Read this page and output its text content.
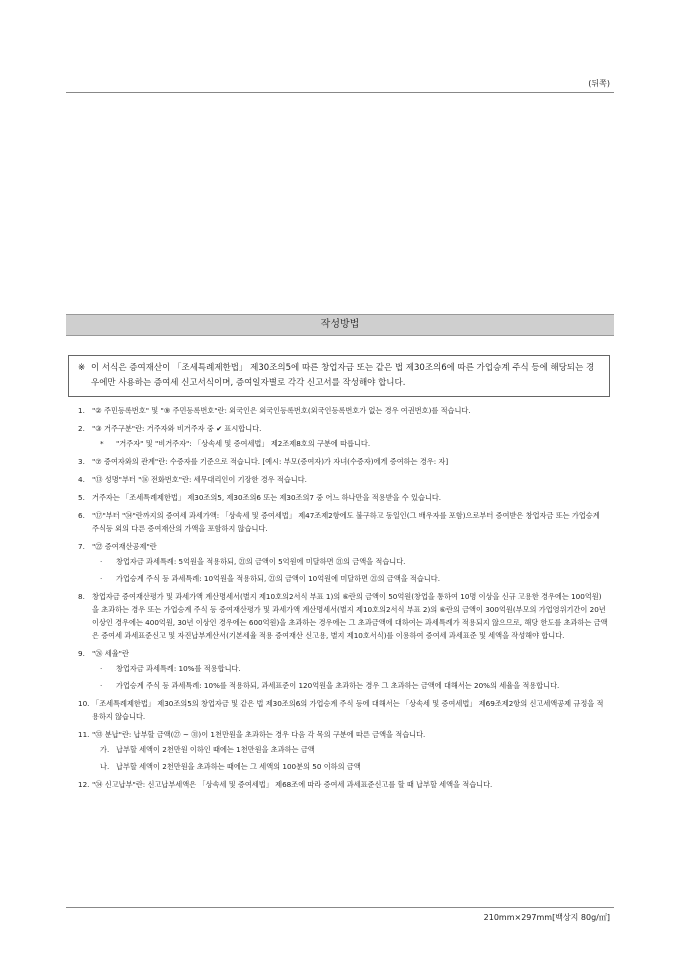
(뒤쪽)
작성방법
※ 이 서식은 증여재산이 「조세특례제한법」 제30조의5에 따른 창업자금 또는 같은 법 제30조의6에 따른 가업승계 주식 등에 해당되는 경우에만 사용하는 증여세 신고서식이며, 증여일자별로 각각 신고서를 작성해야 합니다.
1. "② 주민등록번호" 및 "⑨ 주민등록번호"란: 외국인은 외국인등록번호(외국인등록번호가 없는 경우 여권번호)를 적습니다.
2. "③ 거주구분"란: 거주자와 비거주자 중 ✔ 표시합니다.
* "거주자" 및 "비거주자": 「상속세 및 증여세법」 제2조제8호의 구분에 따릅니다.
3. "⑦ 증여자와의 관계"란: 수증자를 기준으로 적습니다. [예시: 부모(증여자)가 자녀(수증자)에게 증여하는 경우: 자]
4. "⑬ 성명"부터 "⑯ 전화번호"란: 세무대리인이 기장한 경우 적습니다.
5. 거주자는 「조세특례제한법」 제30조의5, 제30조의6 또는 제30조의7 중 어느 하나만을 적용받을 수 있습니다.
6. "⑰"부터 "㉞"란까지의 증여세 과세가액: 「상속세 및 증여세법」 제47조제2항에도 불구하고 동일인(그 배우자를 포함)으로부터 증여받은 창업자금 또는 가업승계 주식등 외의 다른 증여재산의 가액을 포함하지 않습니다.
7. "㉒ 증여재산공제"란
· 창업자금 과세특례: 5억원을 적용하되, ㉑의 금액이 5억원에 미달하면 ㉑의 금액을 적습니다.
· 가업승계 주식 등 과세특례: 10억원을 적용하되, ㉑의 금액이 10억원에 미달하면 ㉑의 금액을 적습니다.
8. 창업자금 증여재산평가 및 과세가액 계산명세서(별지 제10호의2서식 부표 1)의 ⑥란의 금액이 50억원(창업을 통하여 10명 이상을 신규 고용한 경우에는 100억원)을 초과하는 경우 또는 가업승계 주식 등 증여재산평가 및 과세가액 계산명세서(별지 제10호의2서식 부표 2)의 ⑥란의 금액이 300억원(부모의 가업영위기간이 20년 이상인 경우에는 400억원, 30년 이상인 경우에는 600억원)을 초과하는 경우에는 그 초과금액에 대하여는 과세특례가 적용되지 않으므로, 해당 한도를 초과하는 금액은 증여세 과세표준신고 및 자진납부계산서(기본세율 적용 증여재산 신고용, 별지 제10호서식)를 이용하여 증여세 과세표준 및 세액을 작성해야 합니다.
9. "㉖ 세율"란
· 창업자금 과세특례: 10%를 적용합니다.
· 가업승계 주식 등 과세특례: 10%를 적용하되, 과세표준이 120억원을 초과하는 경우 그 초과하는 금액에 대해서는 20%의 세율을 적용합니다.
10. 「조세특례제한법」 제30조의5의 창업자금 및 같은 법 제30조의6의 가업승계 주식 등에 대해서는 「상속세 및 증여세법」 제69조제2항의 신고세액공제 규정을 적용하지 않습니다.
11. "㉝ 분납"란: 납부할 금액(㉗ ~ ㉛)이 1천만원을 초과하는 경우 다음 각 목의 구분에 따른 금액을 적습니다.
가. 납부할 세액이 2천만원 이하인 때에는 1천만원을 초과하는 금액
나. 납부할 세액이 2천만원을 초과하는 때에는 그 세액의 100분의 50 이하의 금액
12. "㉞ 신고납부"란: 신고납부세액은 「상속세 및 증여세법」 제68조에 따라 증여세 과세표준신고를 할 때 납부할 세액을 적습니다.
210mm×297mm[백상지 80g/㎡]
